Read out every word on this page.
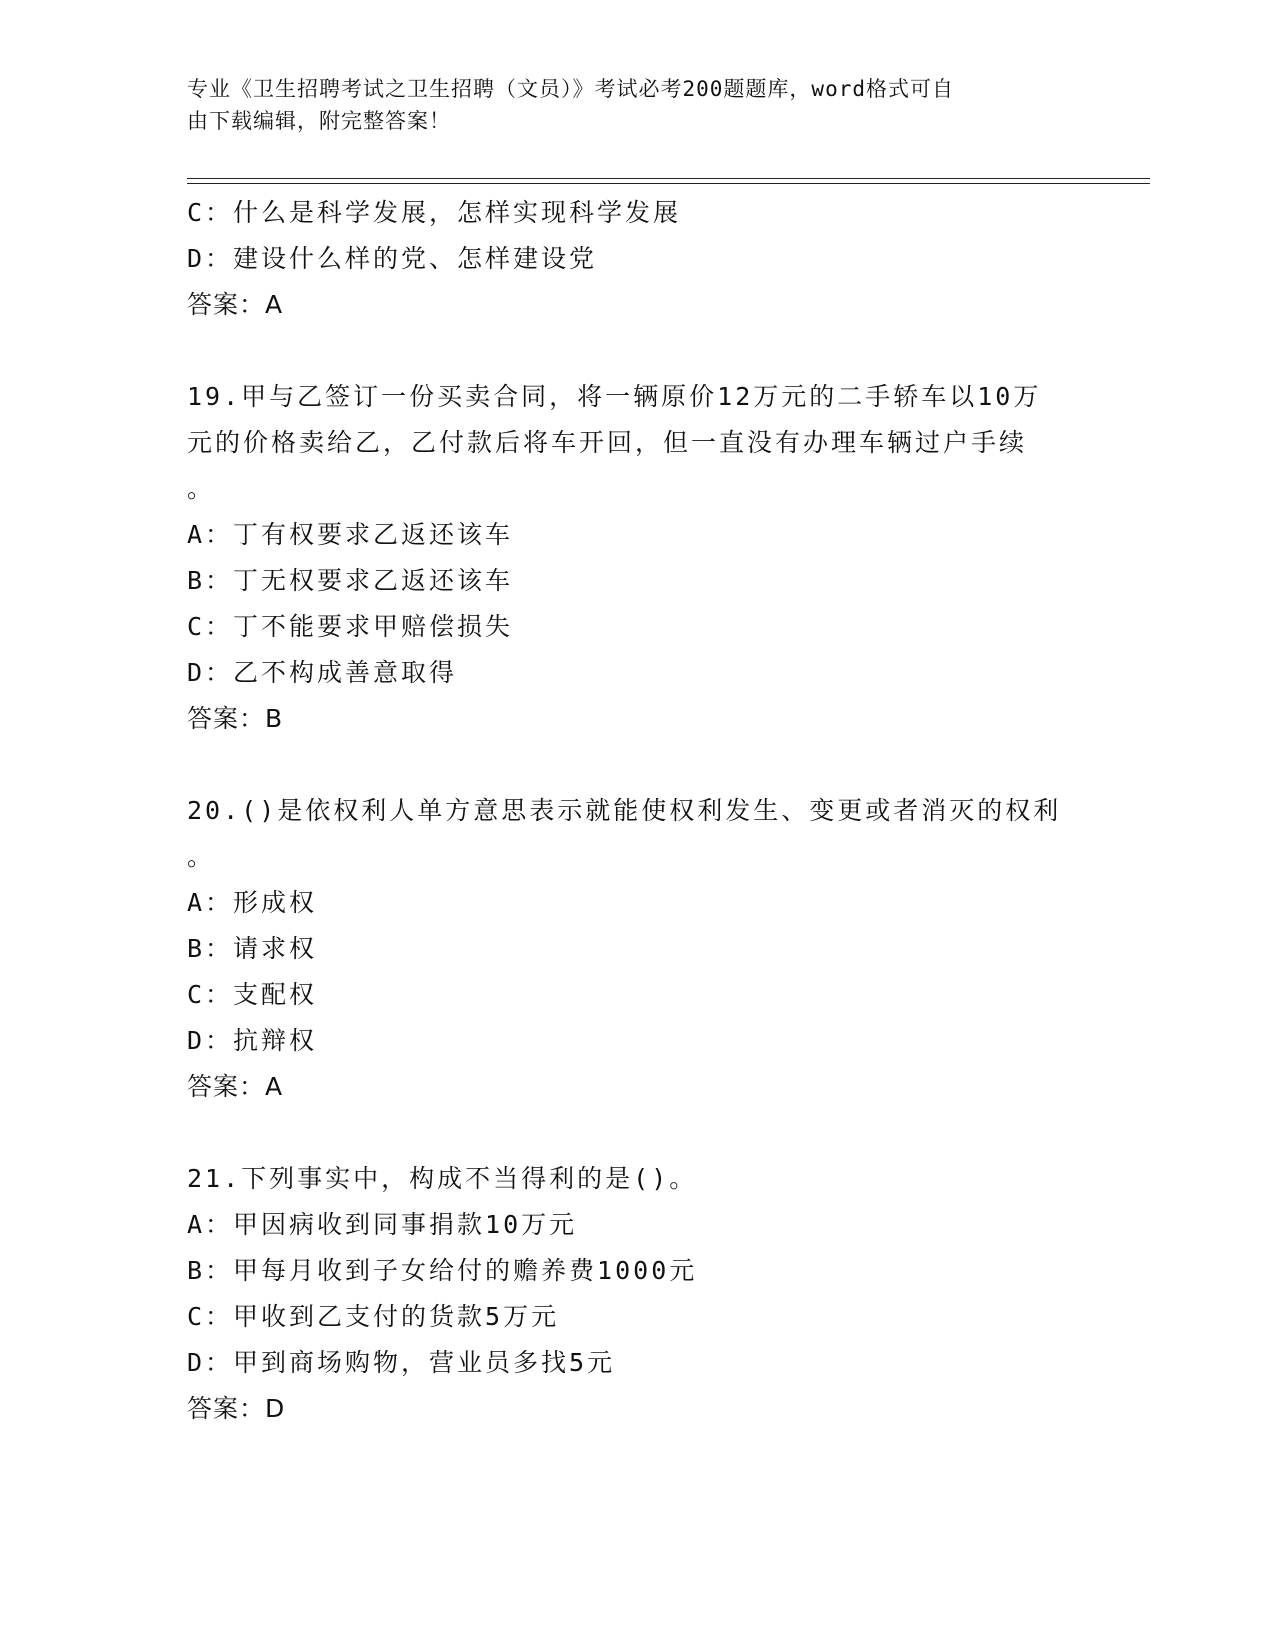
专业《卫生招聘考试之卫生招聘（文员）》考试必考200题题库，word格式可自
由下载编辑，附完整答案！
C：什么是科学发展，怎样实现科学发展
D：建设什么样的党、怎样建设党
答案：A
19.甲与乙签订一份买卖合同，将一辆原价12万元的二手轿车以10万
元的价格卖给乙，乙付款后将车开回，但一直没有办理车辆过户手续
。
A：丁有权要求乙返还该车
B：丁无权要求乙返还该车
C：丁不能要求甲赔偿损失
D：乙不构成善意取得
答案：B
20.()是依权利人单方意思表示就能使权利发生、变更或者消灭的权利
。
A：形成权
B：请求权
C：支配权
D：抗辩权
答案：A
21.下列事实中，构成不当得利的是()。
A：甲因病收到同事捐款10万元
B：甲每月收到子女给付的赡养费1000元
C：甲收到乙支付的货款5万元
D：甲到商场购物，营业员多找5元
答案：D
